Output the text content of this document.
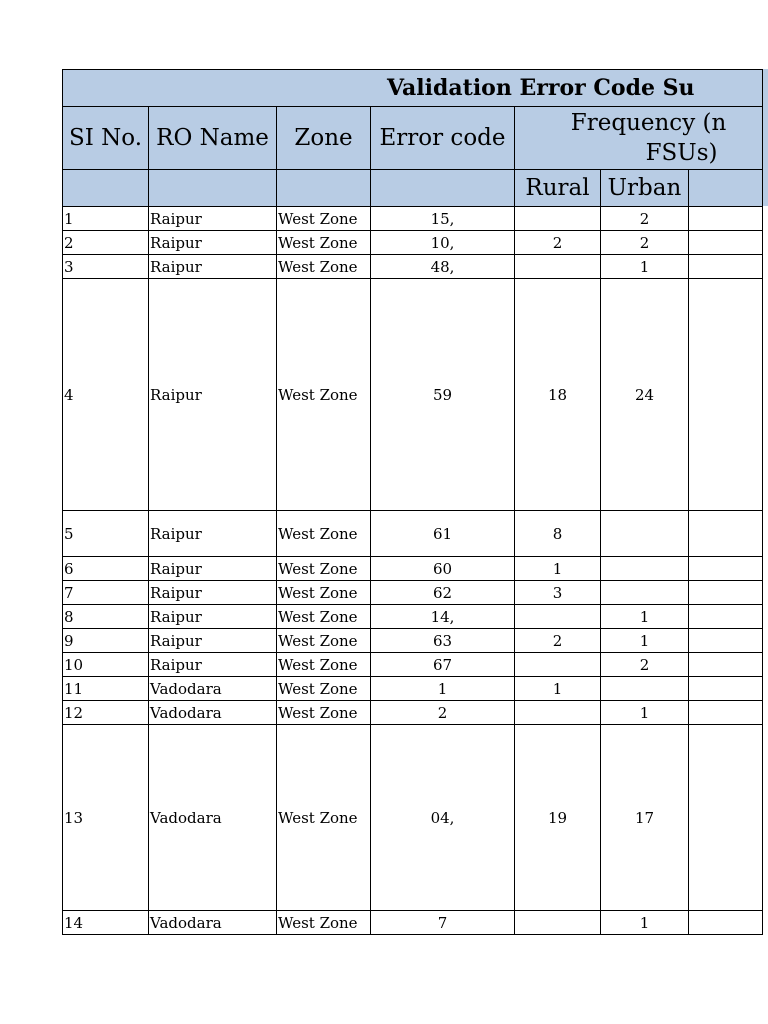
Validation Error Code Su						
SI No.	RO Name	Zone	Error code	Frequency (n
FSUs)		
				Rural	Urban	
1	Raipur	West Zone	15,		2	
2	Raipur	West Zone	10,	2	2	
3	Raipur	West Zone	48,		1	
4	Raipur	West Zone	59	18	24	
5	Raipur	West Zone	61	8		
6	Raipur	West Zone	60	1		
7	Raipur	West Zone	62	3		
8	Raipur	West Zone	14,		1	
9	Raipur	West Zone	63	2	1	
10	Raipur	West Zone	67		2	
11	Vadodara	West Zone	1	1		
12	Vadodara	West Zone	2		1	
13	Vadodara	West Zone	04,	19	17	
14	Vadodara	West Zone	7		1	
